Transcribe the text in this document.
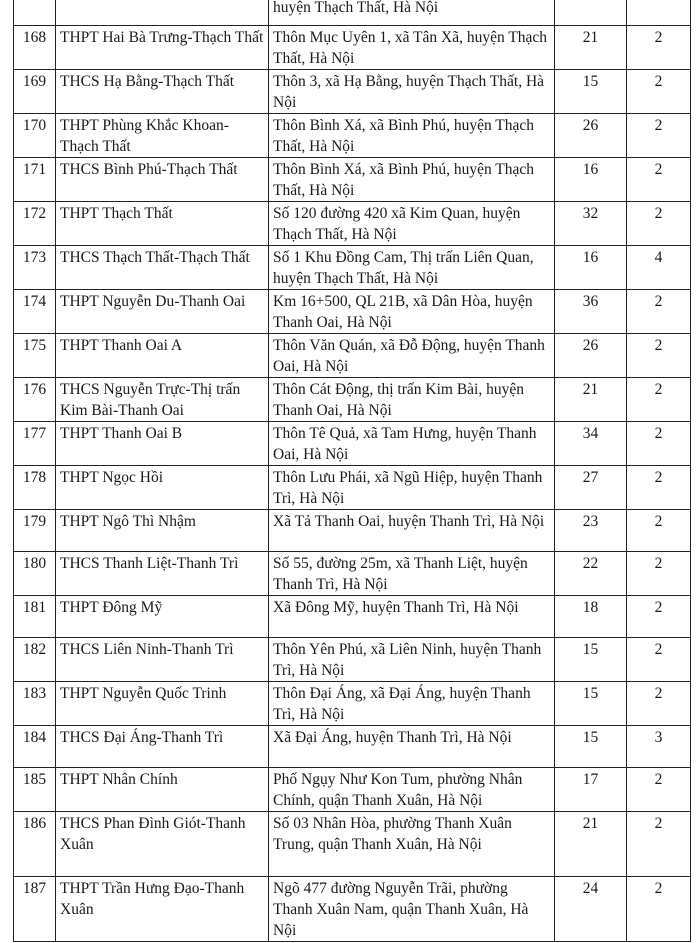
		huyện Thạch Thất, Hà Nội		
168	THPT Hai Bà Trưng-Thạch Thất	Thôn Mục Uyên 1, xã Tân Xã, huyện Thạch Thất, Hà Nội	21	2
169	THCS Hạ Bằng-Thạch Thất	Thôn 3, xã Hạ Bằng, huyện Thạch Thất, Hà Nội	15	2
170	THPT Phùng Khắc Khoan-Thạch Thất	Thôn Bình Xá, xã Bình Phú, huyện Thạch Thất, Hà Nội	26	2
171	THCS Bình Phú-Thạch Thất	Thôn Bình Xá, xã Bình Phú, huyện Thạch Thất, Hà Nội	16	2
172	THPT Thạch Thất	Số 120 đường 420 xã Kim Quan, huyện Thạch Thất, Hà Nội	32	2
173	THCS Thạch Thất-Thạch Thất	Số 1 Khu Đồng Cam, Thị trấn Liên Quan, huyện Thạch Thất, Hà Nội	16	4
174	THPT Nguyễn Du-Thanh Oai	Km 16+500, QL 21B, xã Dân Hòa, huyện Thanh Oai, Hà Nội	36	2
175	THPT Thanh Oai A	Thôn Văn Quán, xã Đỗ Động, huyện Thanh Oai, Hà Nội	26	2
176	THCS Nguyễn Trực-Thị trấn Kim Bài-Thanh Oai	Thôn Cát Động, thị trấn Kim Bài, huyện Thanh Oai, Hà Nội	21	2
177	THPT Thanh Oai B	Thôn Tê Quả, xã Tam Hưng, huyện Thanh Oai, Hà Nội	34	2
178	THPT Ngọc Hồi	Thôn Lưu Phái, xã Ngũ Hiệp, huyện Thanh Trì, Hà Nội	27	2
179	THPT Ngô Thì Nhậm	Xã Tả Thanh Oai, huyện Thanh Trì, Hà Nội	23	2
180	THCS Thanh Liệt-Thanh Trì	Số 55, đường 25m, xã Thanh Liệt, huyện Thanh Trì, Hà Nội	22	2
181	THPT Đông Mỹ	Xã Đông Mỹ, huyện Thanh Trì, Hà Nội	18	2
182	THCS Liên Ninh-Thanh Trì	Thôn Yên Phú, xã Liên Ninh, huyện Thanh Trì, Hà Nội	15	2
183	THPT Nguyễn Quốc Trinh	Thôn Đại Áng, xã Đại Áng, huyện Thanh Trì, Hà Nội	15	2
184	THCS Đại Áng-Thanh Trì	Xã Đại Áng, huyện Thanh Trì, Hà Nội	15	3
185	THPT Nhân Chính	Phố Ngụy Như Kon Tum, phường Nhân Chính, quận Thanh Xuân, Hà Nội	17	2
186	THCS Phan Đình Giót-Thanh Xuân	Số 03 Nhân Hòa, phường Thanh Xuân Trung, quận Thanh Xuân, Hà Nội	21	2
187	THPT Trần Hưng Đạo-Thanh Xuân	Ngõ 477 đường Nguyễn Trãi, phường Thanh Xuân Nam, quận Thanh Xuân, Hà Nội	24	2
